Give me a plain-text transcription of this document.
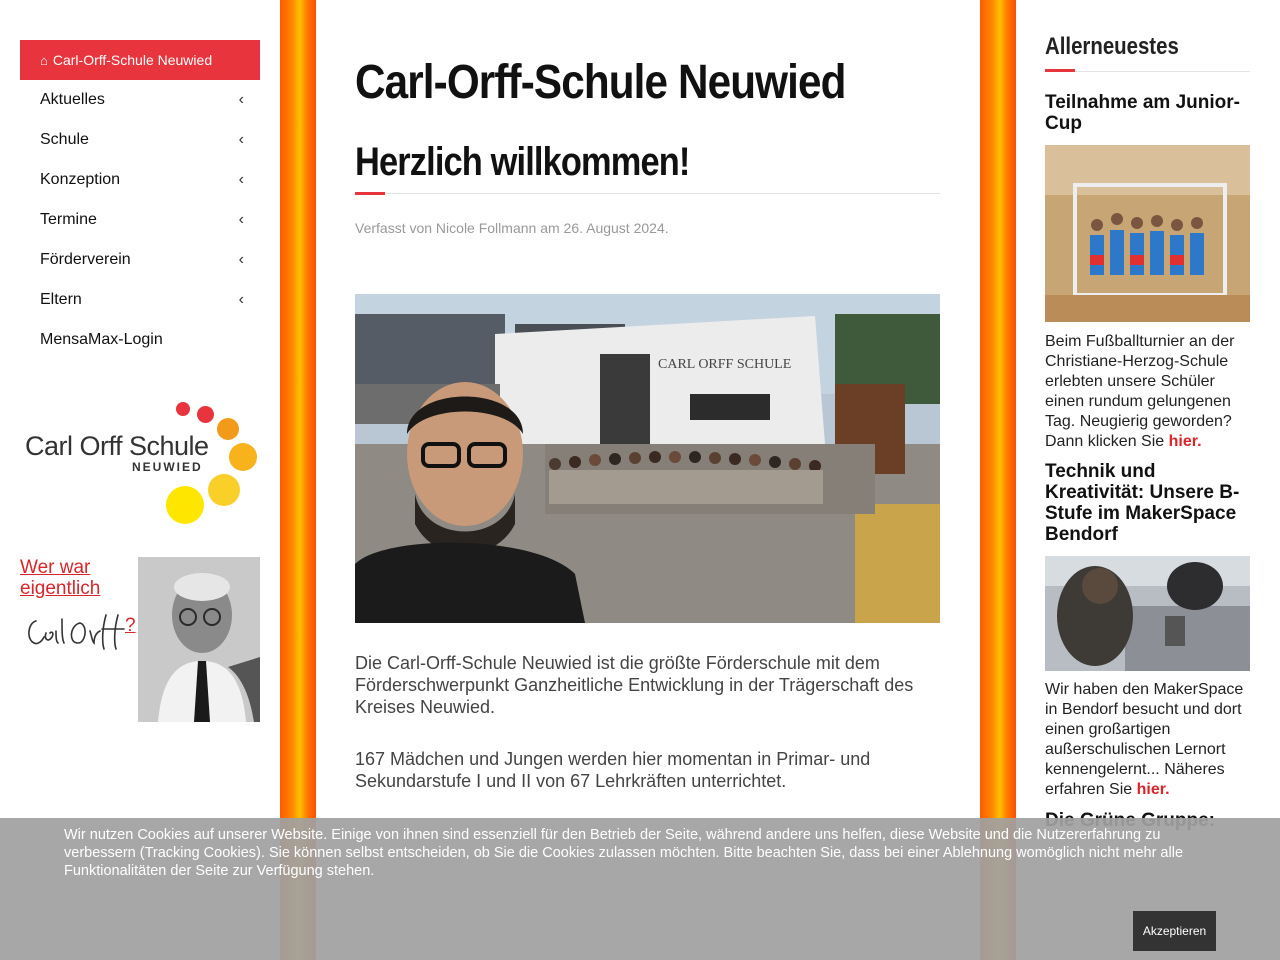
⌂ Carl-Orff-Schule Neuwied
Aktuelles	‹
Schule	‹
Konzeption	‹
Termine	‹
Förderverein	‹
Eltern	‹
MensaMax-Login
Carl Orff Schule
NEUWIED
Wer war eigentlich
?
Carl-Orff-Schule Neuwied
Herzlich willkommen!
Verfasst von Nicole Follmann am 26. August 2024.
CARL ORFF SCHULE

Die Carl-Orff-Schule Neuwied ist die größte Förderschule mit dem Förderschwerpunkt Ganzheitliche Entwicklung in der Trägerschaft des Kreises Neuwied.

167 Mädchen und Jungen werden hier momentan in Primar- und Sekundarstufe I und II von 67 Lehrkräften unterrichtet.

Allerneuestes
Teilnahme am Junior-Cup

Beim Fußballturnier an der Christiane-Herzog-Schule erlebten unsere Schüler einen rundum gelungenen Tag. Neugierig geworden? Dann klicken Sie hier.

Technik und Kreativität: Unsere B-Stufe im MakerSpace Bendorf

Wir haben den MakerSpace in Bendorf besucht und dort einen großartigen außerschulischen Lernort kennengelernt... Näheres erfahren Sie hier.

Wir nutzen Cookies auf unserer Website. Einige von ihnen sind essenziell für den Betrieb der Seite, während andere uns helfen, diese Website und die Nutzererfahrung zu verbessern (Tracking Cookies). Sie können selbst entscheiden, ob Sie die Cookies zulassen möchten. Bitte beachten Sie, dass bei einer Ablehnung womöglich nicht mehr alle Funktionalitäten der Seite zur Verfügung stehen.

Akzeptieren
